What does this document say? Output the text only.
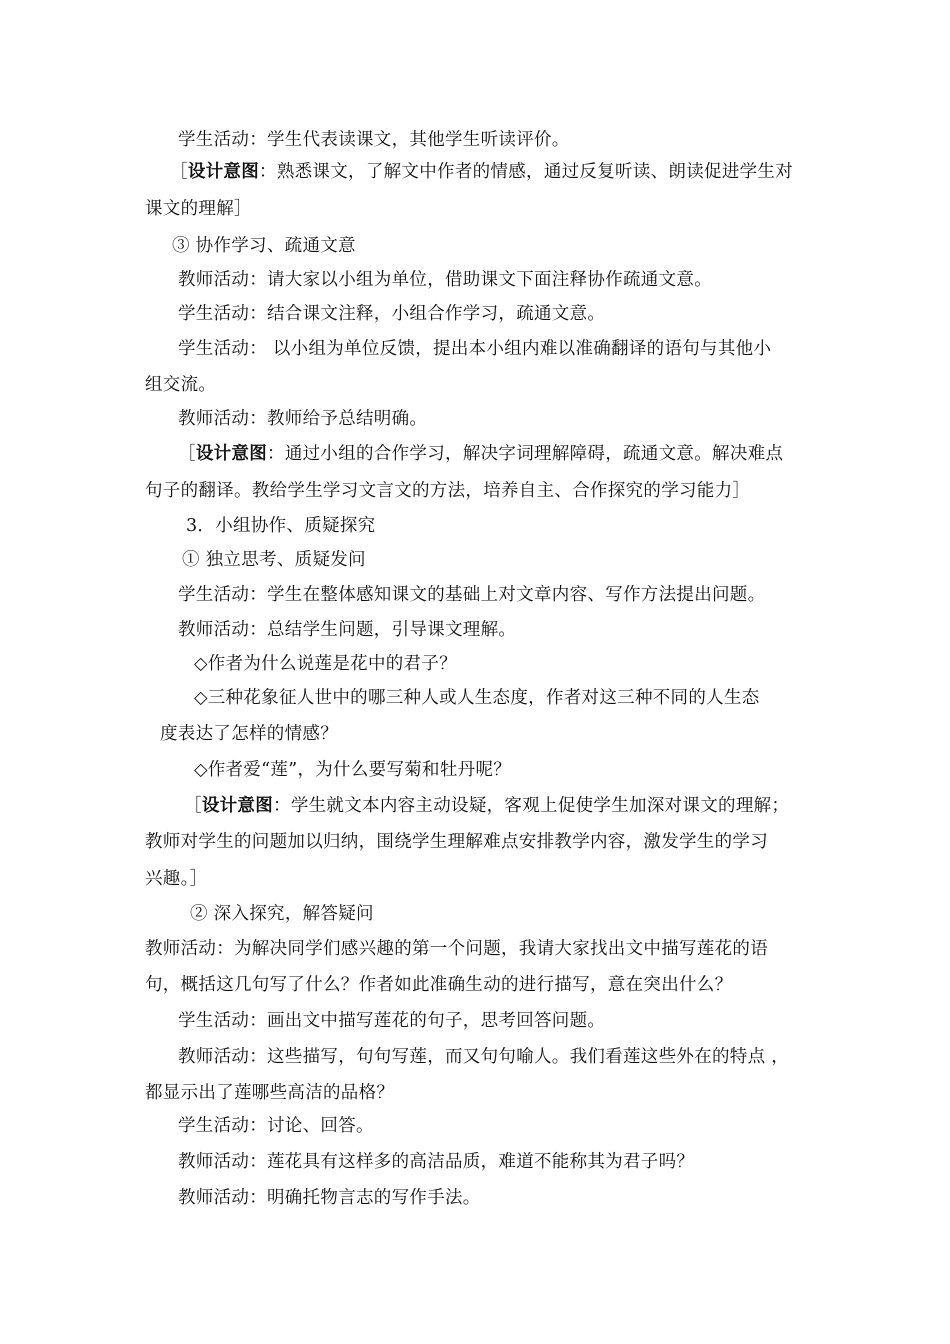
学生活动：学生代表读课文，其他学生听读评价。
［设计意图：熟悉课文，了解文中作者的情感，通过反复听读、朗读促进学生对
课文的理解］
③ 协作学习、疏通文意
教师活动：请大家以小组为单位，借助课文下面注释协作疏通文意。
学生活动：结合课文注释，小组合作学习，疏通文意。
学生活动： 以小组为单位反馈，提出本小组内难以准确翻译的语句与其他小
组交流。
教师活动：教师给予总结明确。
［设计意图：通过小组的合作学习，解决字词理解障碍，疏通文意。解决难点
句子的翻译。教给学生学习文言文的方法，培养自主、合作探究的学习能力］
3．小组协作、质疑探究
① 独立思考、质疑发问
学生活动：学生在整体感知课文的基础上对文章内容、写作方法提出问题。
教师活动：总结学生问题，引导课文理解。
◇作者为什么说莲是花中的君子？
◇三种花象征人世中的哪三种人或人生态度，作者对这三种不同的人生态
度表达了怎样的情感？
◇作者爱“莲”，为什么要写菊和牡丹呢？
［设计意图：学生就文本内容主动设疑，客观上促使学生加深对课文的理解；
教师对学生的问题加以归纳，围绕学生理解难点安排教学内容，激发学生的学习
兴趣。］
② 深入探究，解答疑问
教师活动：为解决同学们感兴趣的第一个问题，我请大家找出文中描写莲花的语
句，概括这几句写了什么？作者如此准确生动的进行描写，意在突出什么？
学生活动：画出文中描写莲花的句子，思考回答问题。
教师活动：这些描写，句句写莲，而又句句喻人。我们看莲这些外在的特点 ，
都显示出了莲哪些高洁的品格？
学生活动：讨论、回答。
教师活动：莲花具有这样多的高洁品质，难道不能称其为君子吗？
教师活动：明确托物言志的写作手法。
